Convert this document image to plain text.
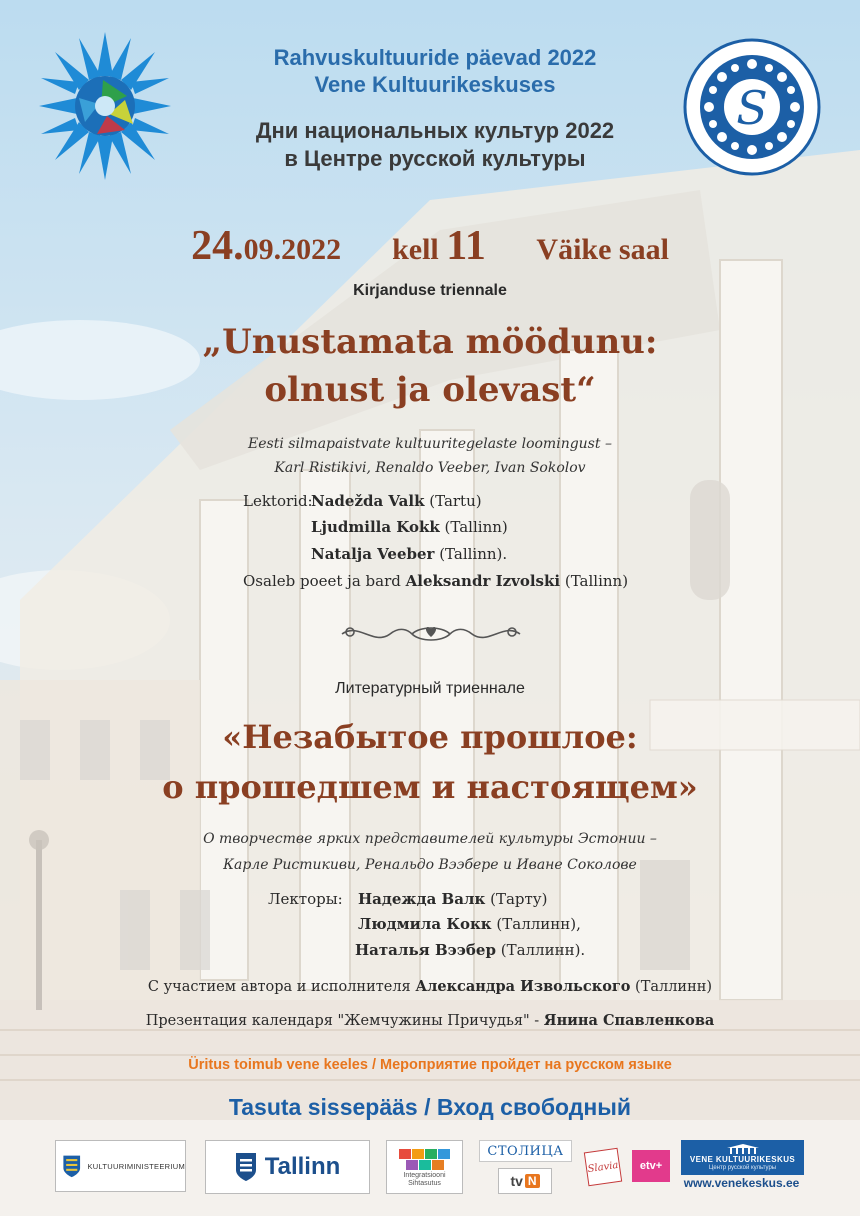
S
Rahvuskultuuride päevad 2022
Vene Kultuurikeskuses
Дни национальных культур 2022
в Центре русской культуры
24.09.2022 kell 11 Väike saal
Kirjanduse triennale
„Unustamata möödunu:
olnust ja olevast“
Eesti silmapaistvate kultuuritegelaste loomingust –
Karl Ristikivi, Renaldo Veeber, Ivan Sokolov
Lektorid:
Nadežda Valk (Tartu)
Ljudmilla Kokk (Tallinn)
Natalja Veeber (Tallinn).
Osaleb poeet ja bard Aleksandr Izvolski (Tallinn)
Литературный триеннале
«Незабытое прошлое:
о прошедшем и настоящем»
О творчестве ярких представителей культуры Эстонии –
Карле Ристикиви, Ренальдо Вээбере и Иване Соколове
Лекторы: Надежда Валк (Тарту)
Людмила Кокк (Таллинн),
Наталья Вээбер (Таллинн).
С участием автора и исполнителя Александра Извольского (Таллинн)
Презентация календаря "Жемчужины Причудья" - Янина Спавленкова
Üritus toimub vene keeles / Мероприятие пройдет на русском языке
Tasuta sissepääs / Вход свободный
KULTUURIMINISTEERIUM	Tallinn	Integratsiooni
Sihtasutus
СТОЛИЦА
tv N
Slavia etv+
VENE KULTUURIKESKUS
Центр русской культуры
www.venekeskus.ee
